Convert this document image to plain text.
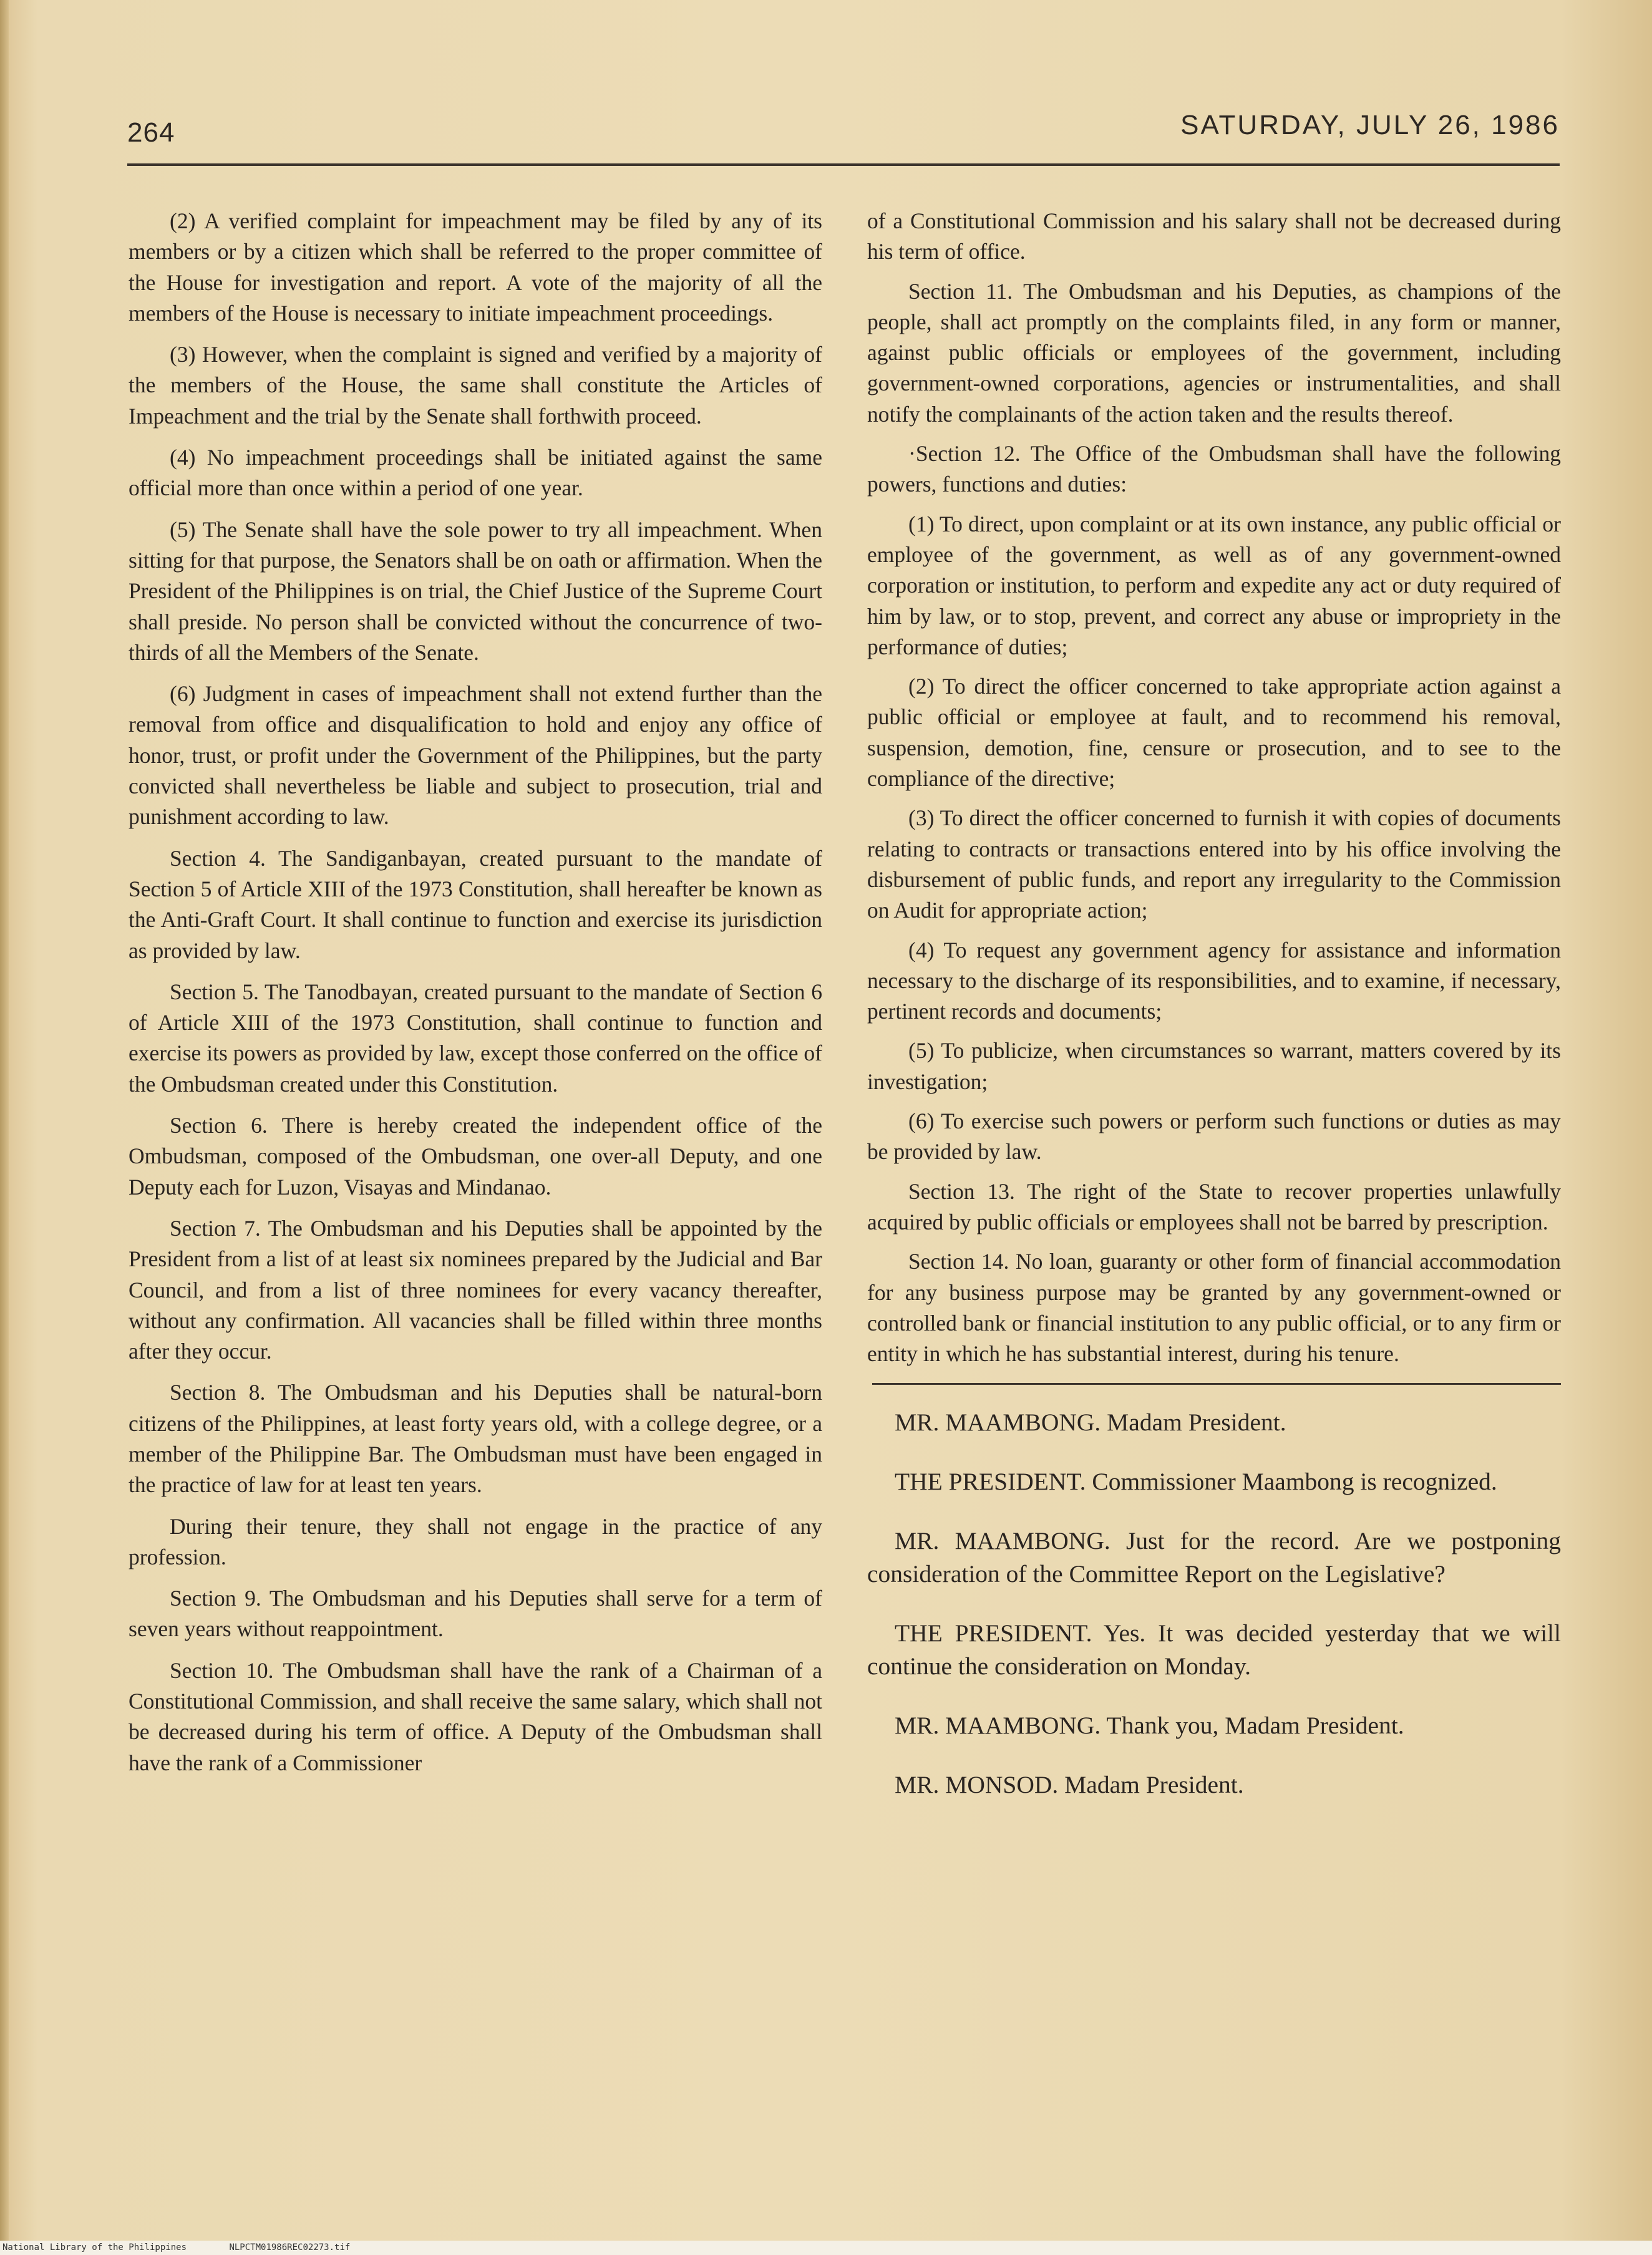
264	SATURDAY, JULY 26, 1986

(2) A verified complaint for impeachment may be filed by any of its members or by a citizen which shall be referred to the proper committee of the House for investigation and report. A vote of the majority of all the members of the House is necessary to initiate impeachment proceedings.

(3) However, when the complaint is signed and verified by a majority of the members of the House, the same shall constitute the Articles of Impeachment and the trial by the Senate shall forthwith proceed.

(4) No impeachment proceedings shall be initiated against the same official more than once within a period of one year.

(5) The Senate shall have the sole power to try all impeachment. When sitting for that purpose, the Senators shall be on oath or affirmation. When the President of the Philippines is on trial, the Chief Justice of the Supreme Court shall preside. No person shall be convicted without the concurrence of two-thirds of all the Members of the Senate.

(6) Judgment in cases of impeachment shall not extend further than the removal from office and disqualification to hold and enjoy any office of honor, trust, or profit under the Government of the Philippines, but the party convicted shall nevertheless be liable and subject to prosecution, trial and punishment according to law.

Section 4. The Sandiganbayan, created pursuant to the mandate of Section 5 of Article XIII of the 1973 Constitution, shall hereafter be known as the Anti-Graft Court. It shall continue to function and exercise its jurisdiction as provided by law.

Section 5. The Tanodbayan, created pursuant to the mandate of Section 6 of Article XIII of the 1973 Constitution, shall continue to function and exercise its powers as provided by law, except those conferred on the office of the Ombudsman created under this Constitution.

Section 6. There is hereby created the independent office of the Ombudsman, composed of the Ombudsman, one over-all Deputy, and one Deputy each for Luzon, Visayas and Mindanao.

Section 7. The Ombudsman and his Deputies shall be appointed by the President from a list of at least six nominees prepared by the Judicial and Bar Council, and from a list of three nominees for every vacancy thereafter, without any confirmation. All vacancies shall be filled within three months after they occur.

Section 8. The Ombudsman and his Deputies shall be natural-born citizens of the Philippines, at least forty years old, with a college degree, or a member of the Philippine Bar. The Ombudsman must have been engaged in the practice of law for at least ten years.

During their tenure, they shall not engage in the practice of any profession.

Section 9. The Ombudsman and his Deputies shall serve for a term of seven years without reappointment.

Section 10. The Ombudsman shall have the rank of a Chairman of a Constitutional Commission, and shall receive the same salary, which shall not be decreased during his term of office. A Deputy of the Ombudsman shall have the rank of a Commissioner

of a Constitutional Commission and his salary shall not be decreased during his term of office.

Section 11. The Ombudsman and his Deputies, as champions of the people, shall act promptly on the complaints filed, in any form or manner, against public officials or employees of the government, including government-owned corporations, agencies or instrumentalities, and shall notify the complainants of the action taken and the results thereof.

·Section 12. The Office of the Ombudsman shall have the following powers, functions and duties:

(1) To direct, upon complaint or at its own instance, any public official or employee of the government, as well as of any government-owned corporation or institution, to perform and expedite any act or duty required of him by law, or to stop, prevent, and correct any abuse or impropriety in the performance of duties;

(2) To direct the officer concerned to take appropriate action against a public official or employee at fault, and to recommend his removal, suspension, demotion, fine, censure or prosecution, and to see to the compliance of the directive;

(3) To direct the officer concerned to furnish it with copies of documents relating to contracts or transactions entered into by his office involving the disbursement of public funds, and report any irregularity to the Commission on Audit for appropriate action;

(4) To request any government agency for assistance and information necessary to the discharge of its responsibilities, and to examine, if necessary, pertinent records and documents;

(5) To publicize, when circumstances so warrant, matters covered by its investigation;

(6) To exercise such powers or perform such functions or duties as may be provided by law.

Section 13. The right of the State to recover properties unlawfully acquired by public officials or employees shall not be barred by prescription.

Section 14. No loan, guaranty or other form of financial accommodation for any business purpose may be granted by any government-owned or controlled bank or financial institution to any public official, or to any firm or entity in which he has substantial interest, during his tenure.

MR. MAAMBONG. Madam President.

THE PRESIDENT. Commissioner Maambong is recognized.

MR. MAAMBONG. Just for the record. Are we postponing consideration of the Committee Report on the Legislative?

THE PRESIDENT. Yes. It was decided yesterday that we will continue the consideration on Monday.

MR. MAAMBONG. Thank you, Madam President.

MR. MONSOD. Madam President.

National Library of the Philippines	NLPCTM01986REC02273.tif
